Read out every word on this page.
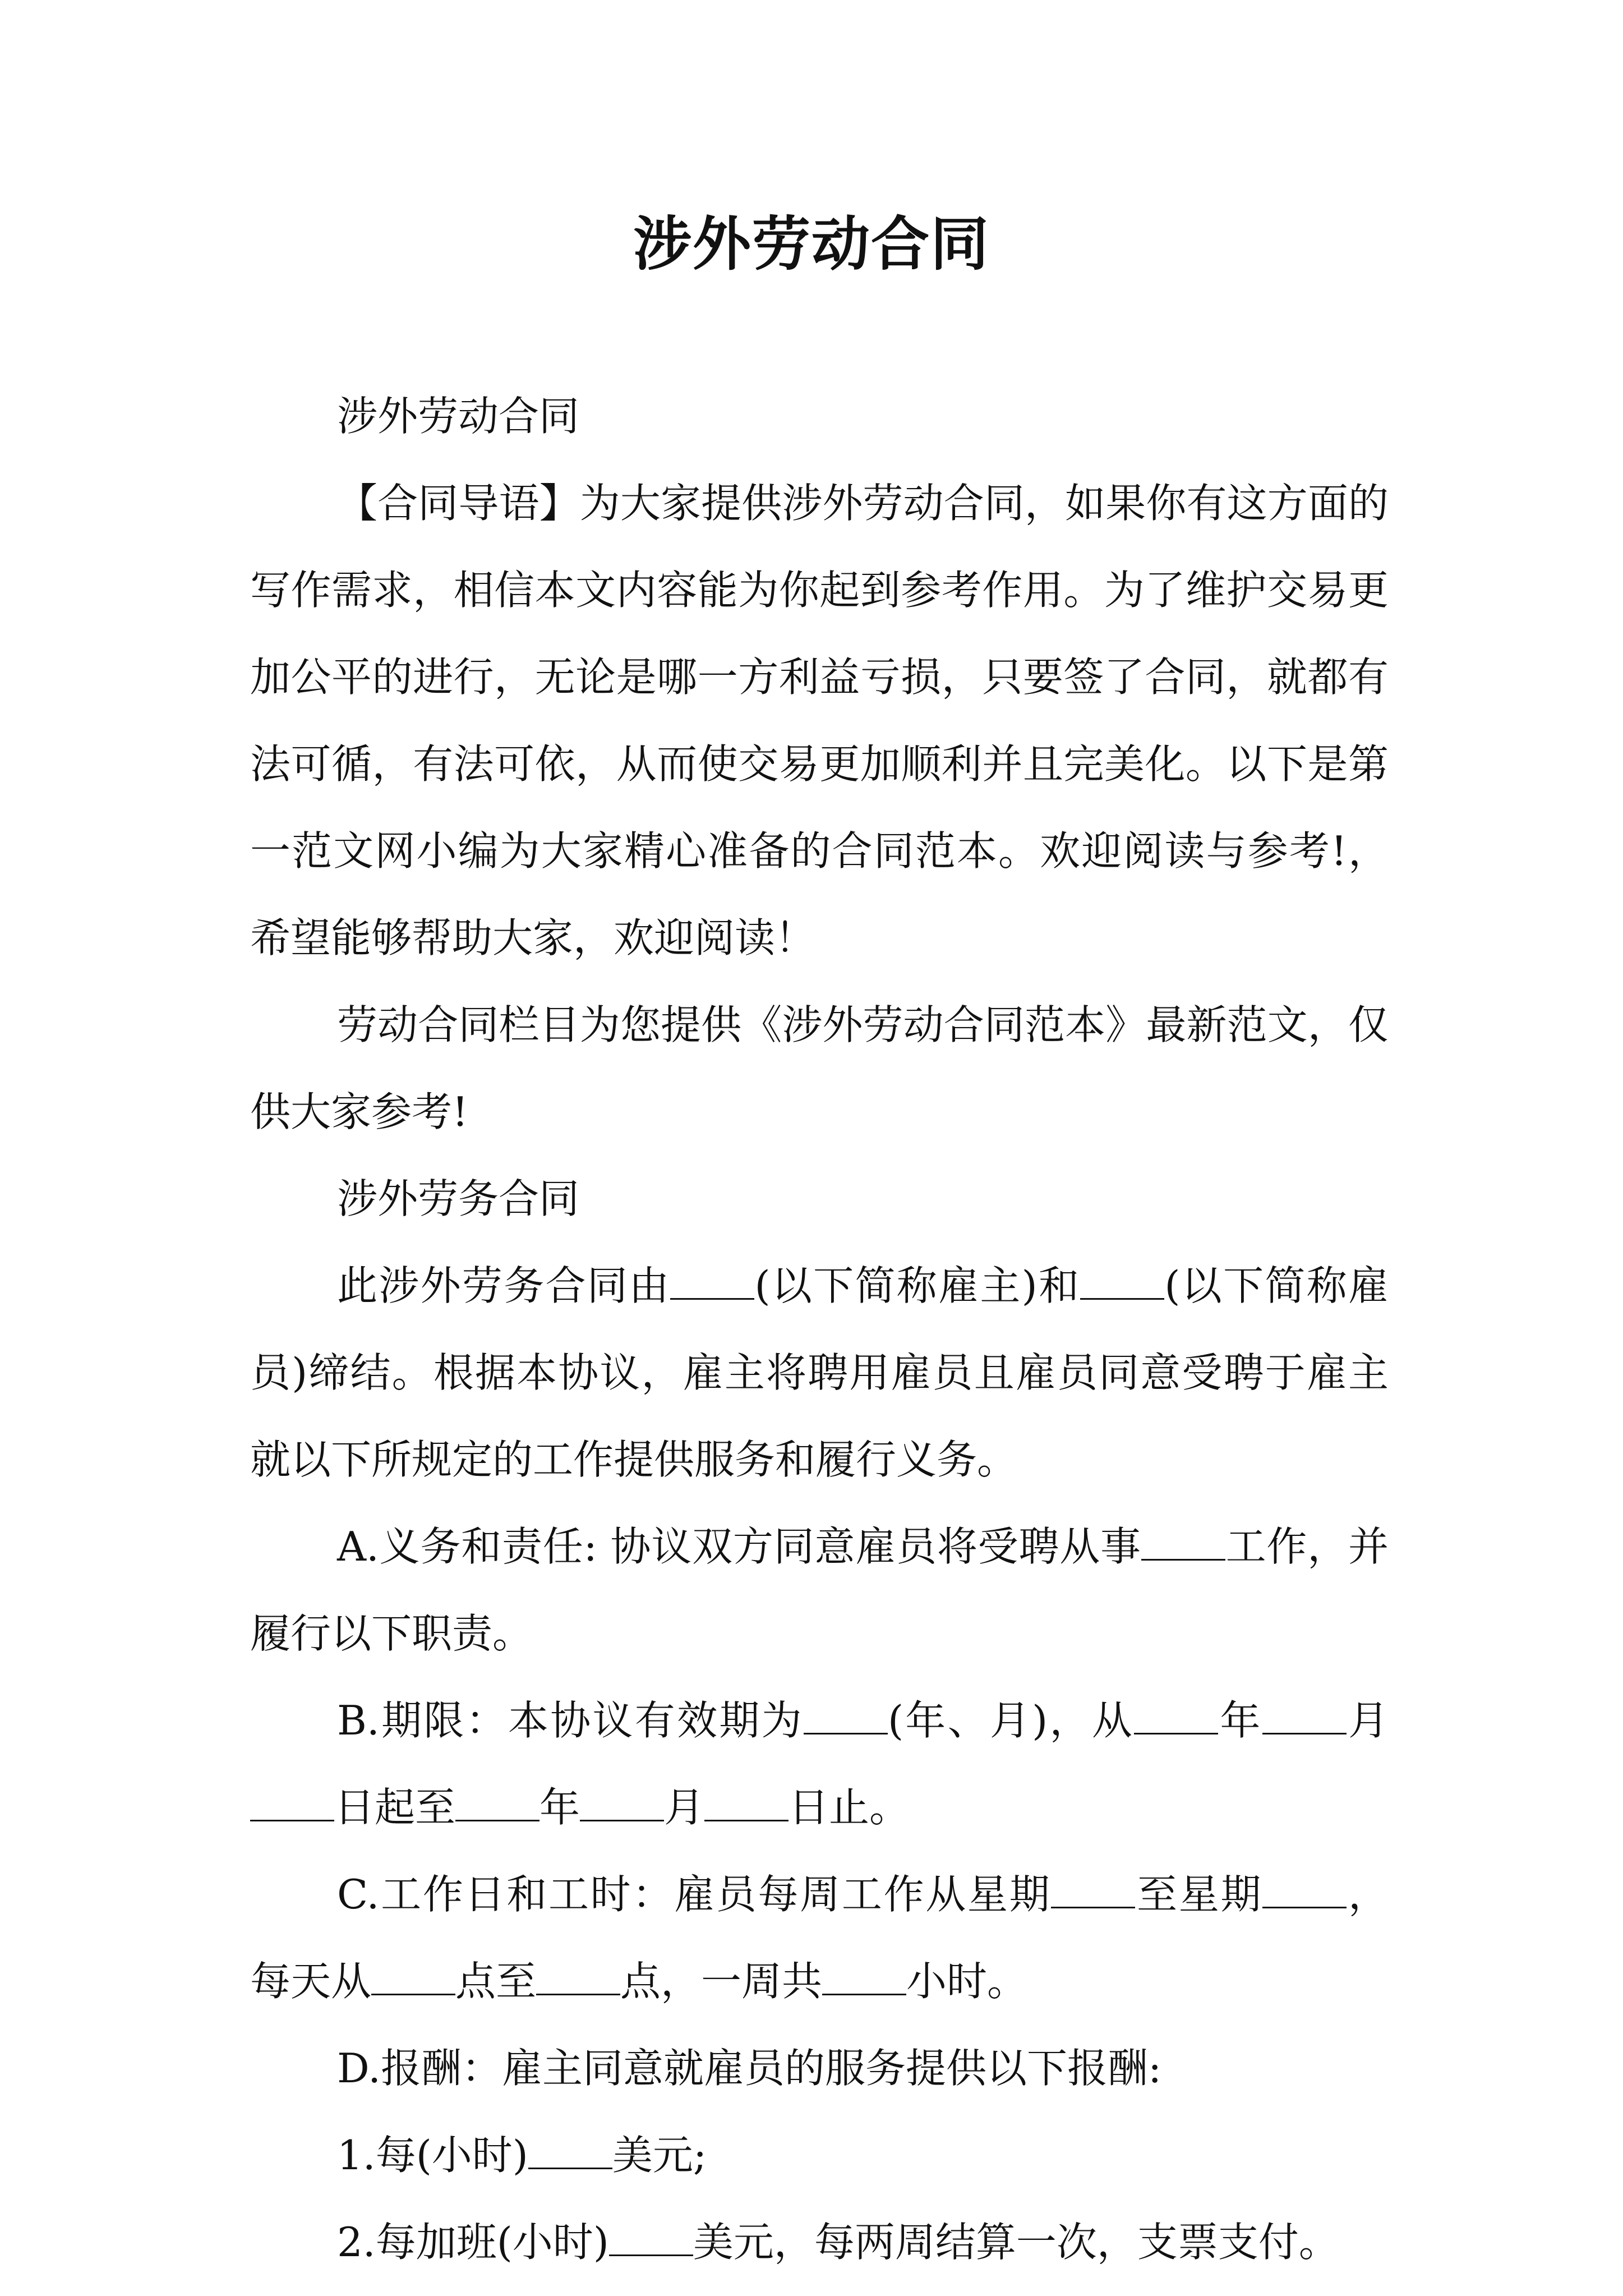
涉外劳动合同

涉外劳动合同

【合同导语】为大家提供涉外劳动合同，如果你有这方面的写作需求，相信本文内容能为你起到参考作用。为了维护交易更加公平的进行，无论是哪一方利益亏损，只要签了合同，就都有法可循，有法可依，从而使交易更加顺利并且完美化。以下是第一范文网小编为大家精心准备的合同范本。欢迎阅读与参考!，希望能够帮助大家，欢迎阅读！

劳动合同栏目为您提供《涉外劳动合同范本》最新范文，仅供大家参考!

涉外劳务合同

此涉外劳务合同由 (以下简称雇主)和 (以下简称雇员)缔结。根据本协议，雇主将聘用雇员且雇员同意受聘于雇主就以下所规定的工作提供服务和履行义务。

A.义务和责任: 协议双方同意雇员将受聘从事 工作，并履行以下职责。

B.期限：本协议有效期为 (年、月)，从 年 月日起至 年 月 日止。

C.工作日和工时：雇员每周工作从星期 至星期 ，每天从 点至 点，一周共 小时。

D.报酬：雇主同意就雇员的服务提供以下报酬:

1.每(小时) 美元;

2.每加班(小时) 美元，每两周结算一次，支票支付。
